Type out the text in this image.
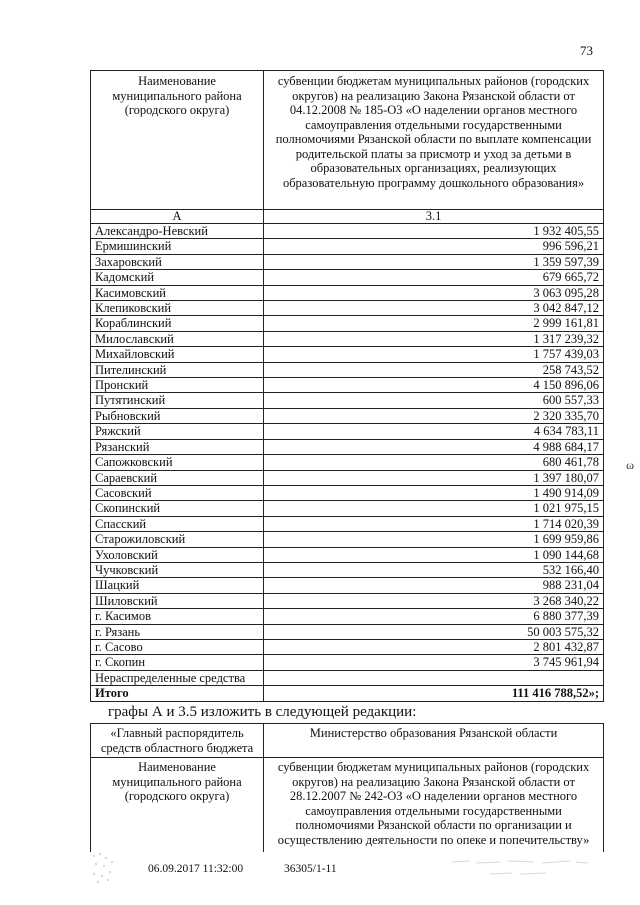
73
Наименование муниципального района (городского округа)	субвенции бюджетам муниципальных районов (городских округов) на реализацию Закона Рязанской области от 04.12.2008 № 185-ОЗ «О наделении органов местного самоуправления отдельными государственными полномочиями Рязанской области по выплате компенсации родительской платы за присмотр и уход за детьми в образовательных организациях, реализующих образовательную программу дошкольного образования»
А	3.1
Александро-Невский	1 932 405,55
Ермишинский	996 596,21
Захаровский	1 359 597,39
Кадомский	679 665,72
Касимовский	3 063 095,28
Клепиковский	3 042 847,12
Кораблинский	2 999 161,81
Милославский	1 317 239,32
Михайловский	1 757 439,03
Пителинский	258 743,52
Пронский	4 150 896,06
Путятинский	600 557,33
Рыбновский	2 320 335,70
Ряжский	4 634 783,11
Рязанский	4 988 684,17
Сапожковский	680 461,78
Сараевский	1 397 180,07
Сасовский	1 490 914,09
Скопинский	1 021 975,15
Спасский	1 714 020,39
Старожиловский	1 699 959,86
Ухоловский	1 090 144,68
Чучковский	532 166,40
Шацкий	988 231,04
Шиловский	3 268 340,22
г. Касимов	6 880 377,39
г. Рязань	50 003 575,32
г. Сасово	2 801 432,87
г. Скопин	3 745 961,94
Нераспределенные средства	
Итого	111 416 788,52»;
графы А и 3.5 изложить в следующей редакции:
«Главный распорядитель средств областного бюджета	Министерство образования Рязанской области
Наименование муниципального района (городского округа)	субвенции бюджетам муниципальных районов (городских округов) на реализацию Закона Рязанской области от 28.12.2007 № 242-ОЗ «О наделении органов местного самоуправления отдельными государственными полномочиями Рязанской области по организации и осуществлению деятельности по опеке и попечительству»
06.09.2017 11:32:00	36305/1-11
ω
